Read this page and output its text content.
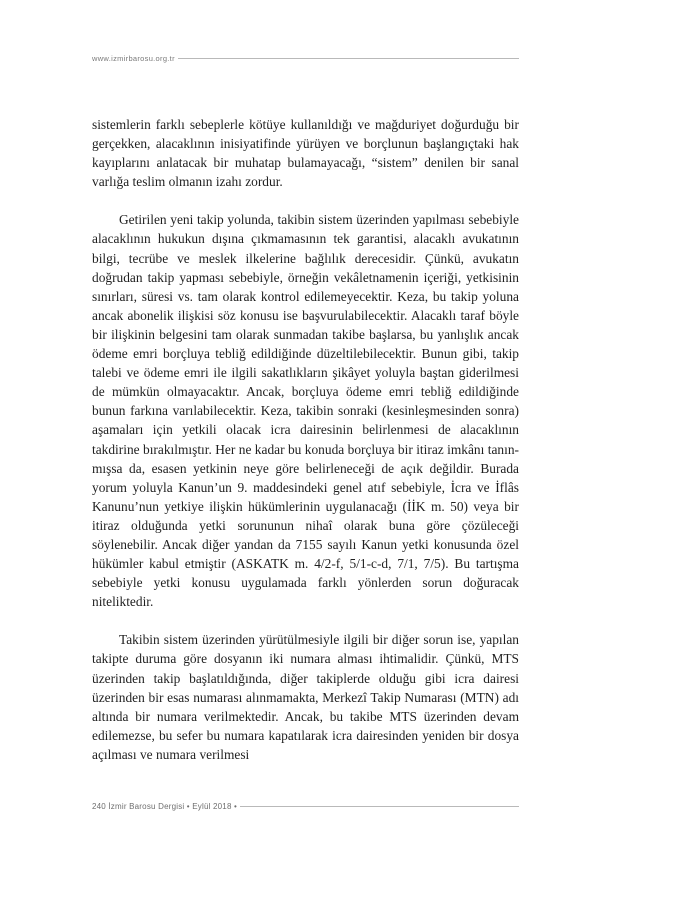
www.izmirbarosu.org.tr

sistemlerin farklı sebeplerle kötüye kullanıldığı ve mağduriyet doğurduğu bir gerçekken, alacaklının inisiyatifinde yürüyen ve borçlunun başlangıçtaki hak kayıplarını anlatacak bir muhatap bulamayacağı, “sistem” denilen bir sanal varlığa teslim olmanın izahı zordur.

Getirilen yeni takip yolunda, takibin sistem üzerinden yapılması sebebiyle alacaklının hukukun dışına çıkmamasının tek garantisi, alacaklı avukatının bilgi, tecrübe ve meslek ilkelerine bağlılık derecesidir. Çünkü, avukatın doğrudan takip yapması sebebiyle, örneğin vekâletnamenin içeriği, yetkisinin sınırları, süresi vs. tam olarak kontrol edilemeyecektir. Keza, bu takip yoluna ancak abonelik ilişkisi söz konusu ise başvurulabilecektir. Alacaklı taraf böyle bir ilişkinin belgesini tam olarak sunmadan takibe başlarsa, bu yanlışlık ancak ödeme emri borçluya tebliğ edildiğinde düzeltilebilecektir. Bunun gibi, takip talebi ve ödeme emri ile ilgili sakatlıkların şikâyet yoluyla baştan giderilmesi de mümkün olmayacaktır. Ancak, borçluya ödeme emri tebliğ edildiğinde bunun farkına varılabilecektir. Keza, takibin sonraki (kesinleşmesinden sonra) aşamaları için yetkili olacak icra dairesinin belirlenmesi de alacaklının takdirine bırakılmıştır. Her ne kadar bu konuda borçluya bir itiraz imkânı tanınmışsa da, esasen yetkinin neye göre belirleneceği de açık değildir. Burada yorum yoluyla Kanun’un 9. maddesindeki genel atıf sebebiyle, İcra ve İflâs Kanunu’nun yetkiye ilişkin hükümlerinin uygulanacağı (İİK m. 50) veya bir itiraz olduğunda yetki sorununun nihaî olarak buna göre çözüleceği söylenebilir. Ancak diğer yandan da 7155 sayılı Kanun yetki konusunda özel hükümler kabul etmiştir (ASKATK m. 4/2-f, 5/1-c-d, 7/1, 7/5). Bu tartışma sebebiyle yetki konusu uygulamada farklı yönlerden sorun doğuracak niteliktedir.

Takibin sistem üzerinden yürütülmesiyle ilgili bir diğer sorun ise, yapılan takipte duruma göre dosyanın iki numara alması ihtimalidir. Çünkü, MTS üzerinden takip başlatıldığında, diğer takiplerde olduğu gibi icra dairesi üzerinden bir esas numarası alınmamakta, Merkezî Takip Numarası (MTN) adı altında bir numara verilmektedir. Ancak, bu takibe MTS üzerinden devam edilemezse, bu sefer bu numara kapatılarak icra dairesinden yeniden bir dosya açılması ve numara verilmesi

240 İzmir Barosu Dergisi • Eylül 2018 •
